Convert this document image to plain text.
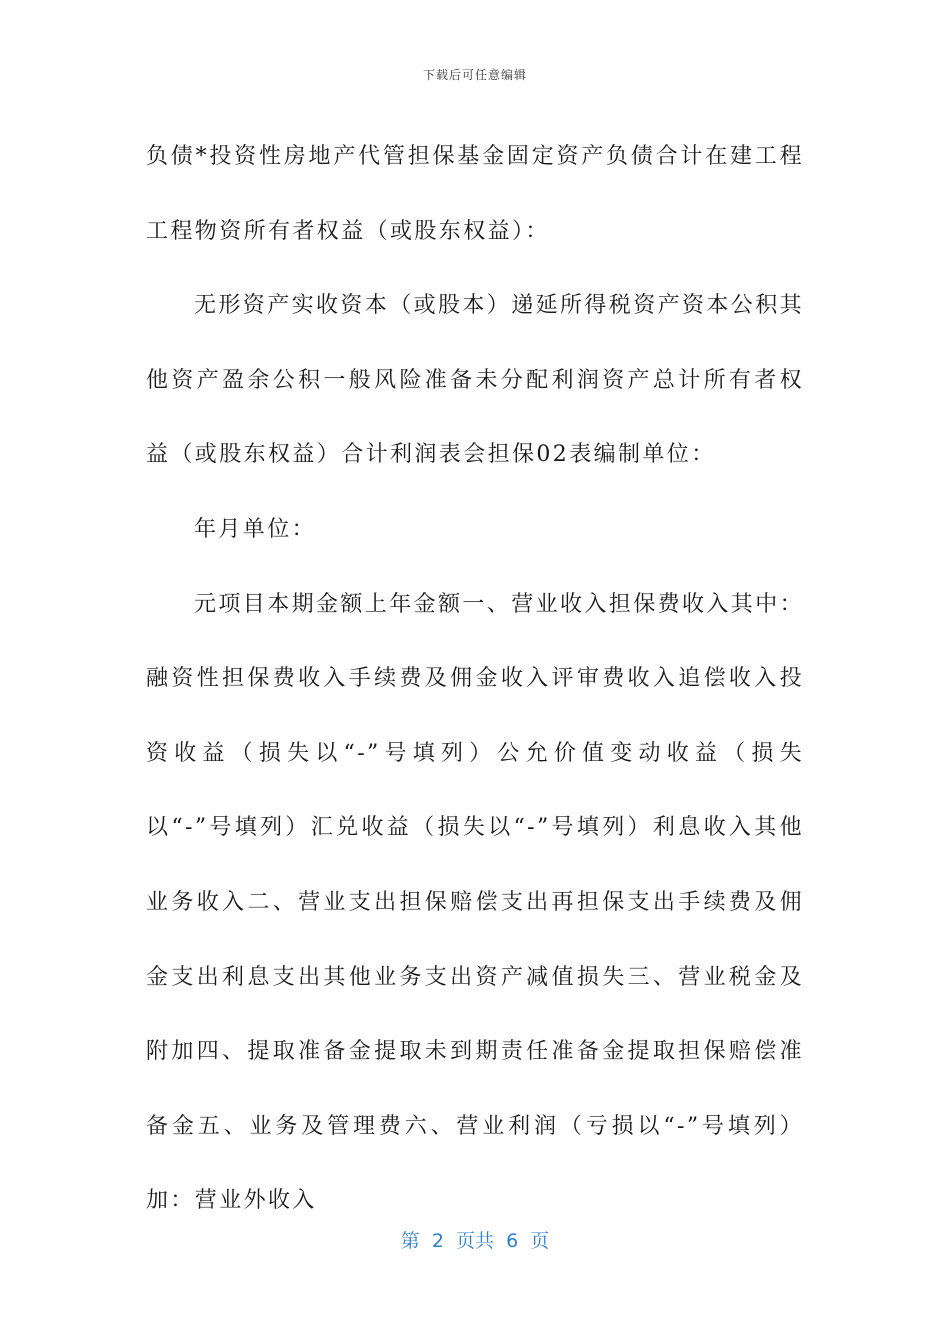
下载后可任意编辑

负债*投资性房地产代管担保基金固定资产负债合计在建工程工程物资所有者权益（或股东权益）：

无形资产实收资本（或股本）递延所得税资产资本公积其他资产盈余公积一般风险准备未分配利润资产总计所有者权益（或股东权益）合计利润表会担保02表编制单位：

年月单位：

元项目本期金额上年金额一、营业收入担保费收入其中：融资性担保费收入手续费及佣金收入评审费收入追偿收入投资收益（损失以“-”号填列）公允价值变动收益（损失以“-”号填列）汇兑收益（损失以“-”号填列）利息收入其他业务收入二、营业支出担保赔偿支出再担保支出手续费及佣金支出利息支出其他业务支出资产减值损失三、营业税金及附加四、提取准备金提取未到期责任准备金提取担保赔偿准备金五、业务及管理费六、营业利润（亏损以“-”号填列）加：营业外收入

第  2  页共  6  页
